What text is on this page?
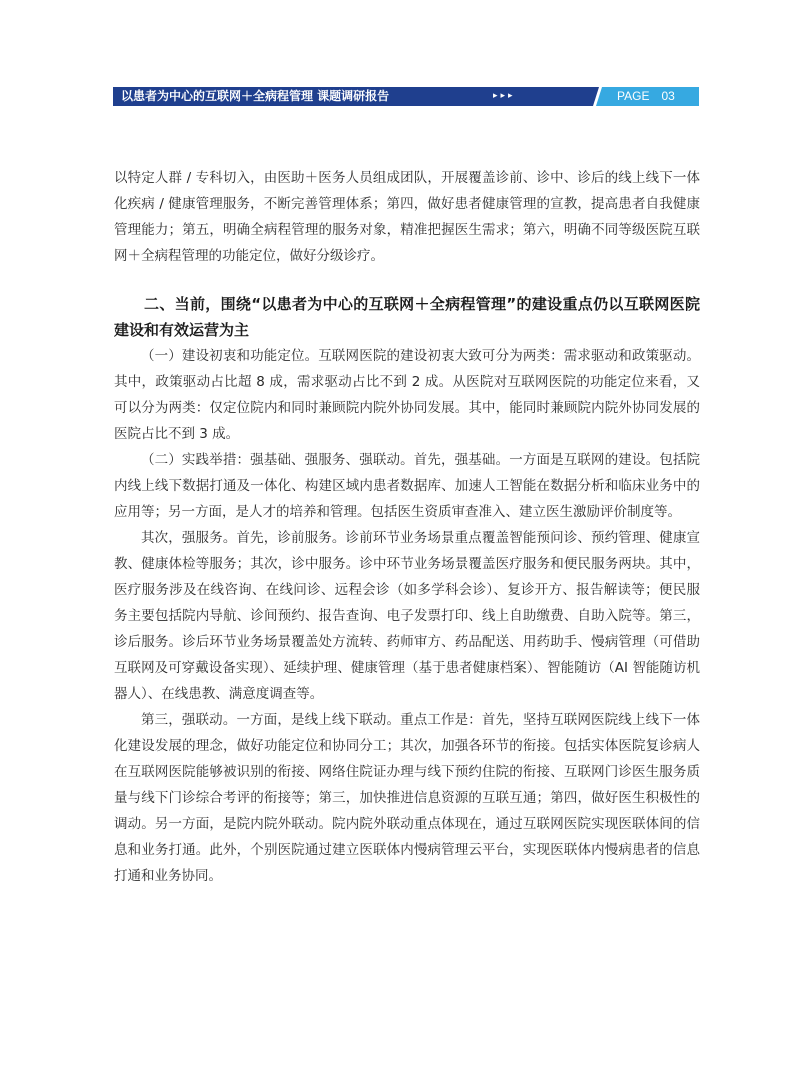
以患者为中心的互联网＋全病程管理 课题调研报告	▸▸▸	PAGE 03

以特定人群 / 专科切入，由医助＋医务人员组成团队，开展覆盖诊前、诊中、诊后的线上线下一体化疾病 / 健康管理服务，不断完善管理体系；第四，做好患者健康管理的宣教，提高患者自我健康管理能力；第五，明确全病程管理的服务对象，精准把握医生需求；第六，明确不同等级医院互联网＋全病程管理的功能定位，做好分级诊疗。

二、当前，围绕“以患者为中心的互联网＋全病程管理”的建设重点仍以互联网医院建设和有效运营为主

（一）建设初衷和功能定位。互联网医院的建设初衷大致可分为两类：需求驱动和政策驱动。其中，政策驱动占比超 8 成，需求驱动占比不到 2 成。从医院对互联网医院的功能定位来看，又可以分为两类：仅定位院内和同时兼顾院内院外协同发展。其中，能同时兼顾院内院外协同发展的医院占比不到 3 成。

（二）实践举措：强基础、强服务、强联动。首先，强基础。一方面是互联网的建设。包括院内线上线下数据打通及一体化、构建区域内患者数据库、加速人工智能在数据分析和临床业务中的应用等；另一方面，是人才的培养和管理。包括医生资质审查准入、建立医生激励评价制度等。

其次，强服务。首先，诊前服务。诊前环节业务场景重点覆盖智能预问诊、预约管理、健康宣教、健康体检等服务；其次，诊中服务。诊中环节业务场景覆盖医疗服务和便民服务两块。其中，医疗服务涉及在线咨询、在线问诊、远程会诊（如多学科会诊）、复诊开方、报告解读等；便民服务主要包括院内导航、诊间预约、报告查询、电子发票打印、线上自助缴费、自助入院等。第三，诊后服务。诊后环节业务场景覆盖处方流转、药师审方、药品配送、用药助手、慢病管理（可借助互联网及可穿戴设备实现）、延续护理、健康管理（基于患者健康档案）、智能随访（AI 智能随访机器人）、在线患教、满意度调查等。

第三，强联动。一方面，是线上线下联动。重点工作是：首先，坚持互联网医院线上线下一体化建设发展的理念，做好功能定位和协同分工；其次，加强各环节的衔接。包括实体医院复诊病人在互联网医院能够被识别的衔接、网络住院证办理与线下预约住院的衔接、互联网门诊医生服务质量与线下门诊综合考评的衔接等；第三，加快推进信息资源的互联互通；第四，做好医生积极性的调动。另一方面，是院内院外联动。院内院外联动重点体现在，通过互联网医院实现医联体间的信息和业务打通。此外，个别医院通过建立医联体内慢病管理云平台，实现医联体内慢病患者的信息打通和业务协同。
